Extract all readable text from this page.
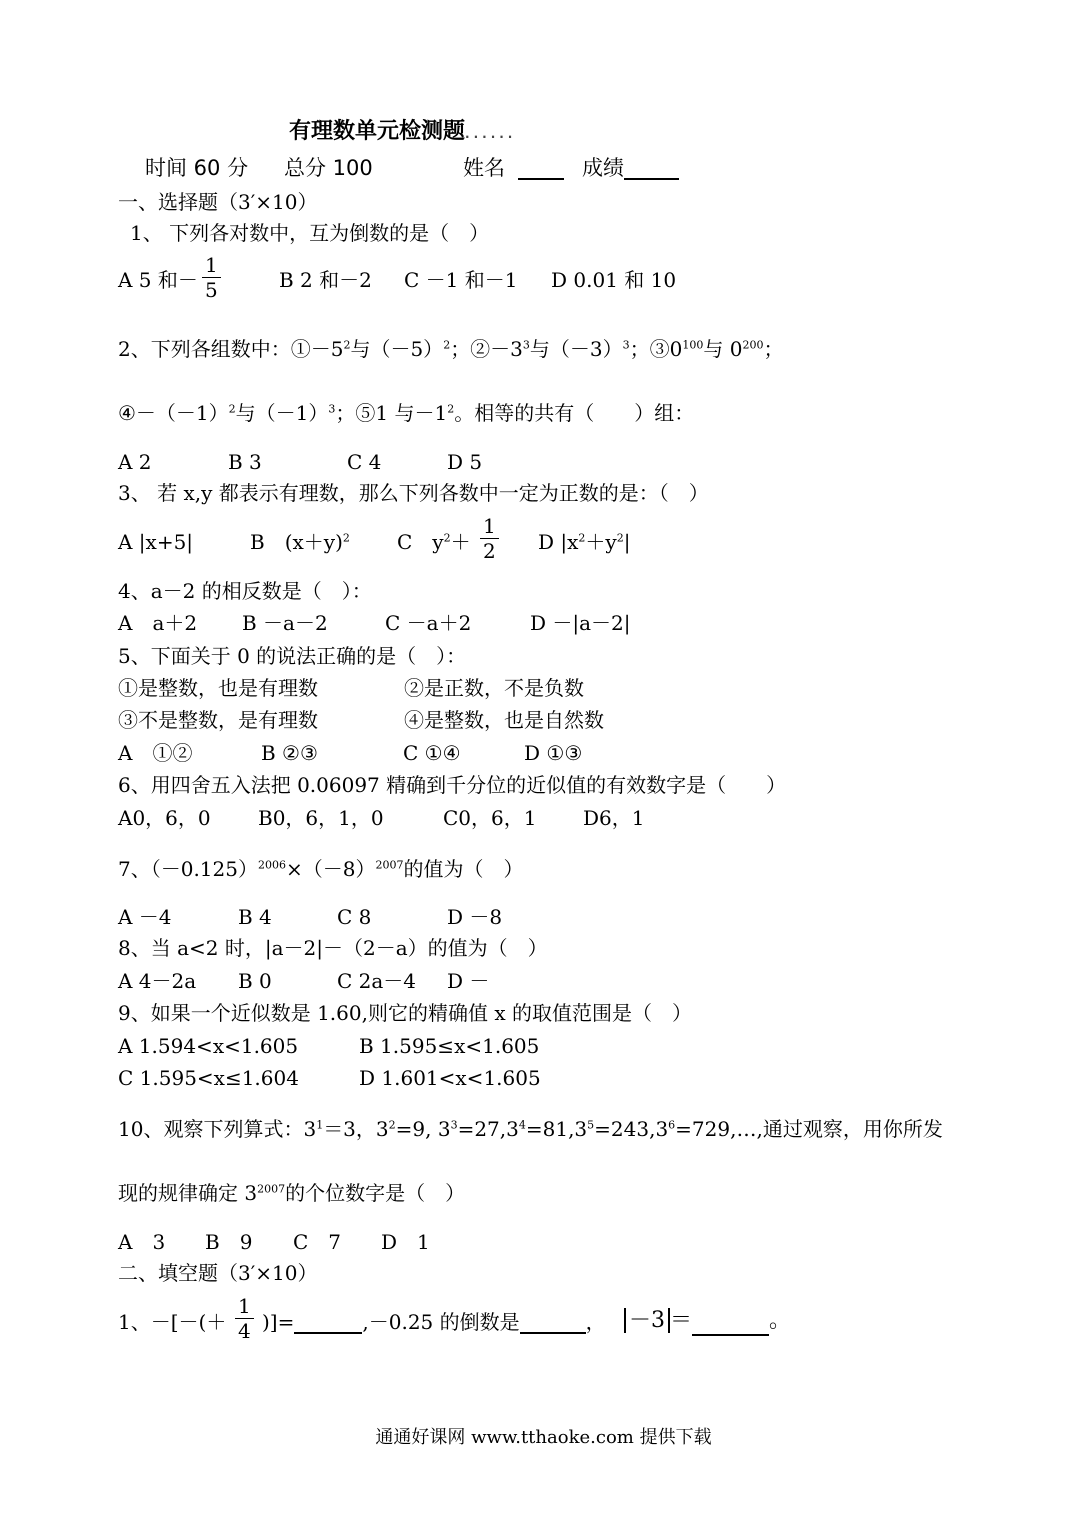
有理数单元检测题......
时间 60 分 总分 100	姓名	成绩
一、选择题（3′×10）
1、 下列各对数中，互为倒数的是（　）
A 5 和－ $\frac{1}{5}$	B 2 和－2 C －1 和－1 D 0.01 和 10
2、下列各组数中：$①-5^2$与$(-5)^2$；$②-3^3$与$(-3)^3$；$③0^{100}$与 $0^{200}$；
$④-(-1)^2$与$(-1)^3$；⑤1 与$-1^2$。相等的共有（　　）组：
A 2	B 3	C 4	D 5
3、 若 x,y 都表示有理数，那么下列各数中一定为正数的是：（　）
A |x+5|	B　$(x+y)^2$ C　$y^2+ \frac{1}{2}$ D $|x^2+y^2|$
4、a－2 的相反数是（　）：
A　a＋2 B －a－2	C －a＋2	D －|a－2|
5、下面关于 0 的说法正确的是（　）：
①是整数，也是有理数	②是正数，不是负数
③不是整数，是有理数	④是整数，也是自然数
A　①②	B ②③	C ①④	D ①③
6、用四舍五入法把 0.06097 精确到千分位的近似值的有效数字是（　　）
A0，6，0 B0，6，1，0	C0，6，1 D6，1
7、$(-0.125)^{2006}\times(-8)^{2007}$的值为（　）
A －4	B 4	C 8	D －8
8、当 a<2 时，|a－2|－（2－a）的值为（　）
A 4－2a B 0	C 2a－4 D －
9、如果一个近似数是 1.60,则它的精确值 x 的取值范围是（　）
A 1.594<x<1.605	B 1.595≤x<1.605
C 1.595<x≤1.604	D 1.601<x<1.605
10、观察下列算式：$3^1=3$，$3^2=9$, $3^3=27,3^4=81,3^5=243,3^6=729,\dots$,通过观察，用你所发
现的规律确定 $3^{2007}$的个位数字是（　）
A　3 B　9 C　7 D　1
二、填空题（3′×10）
1、－[－(＋ $\frac{1}{4}$ )]=	,－0.25 的倒数是	， －3 ＝	。
通通好课网 www.tthaoke.com 提供下载
